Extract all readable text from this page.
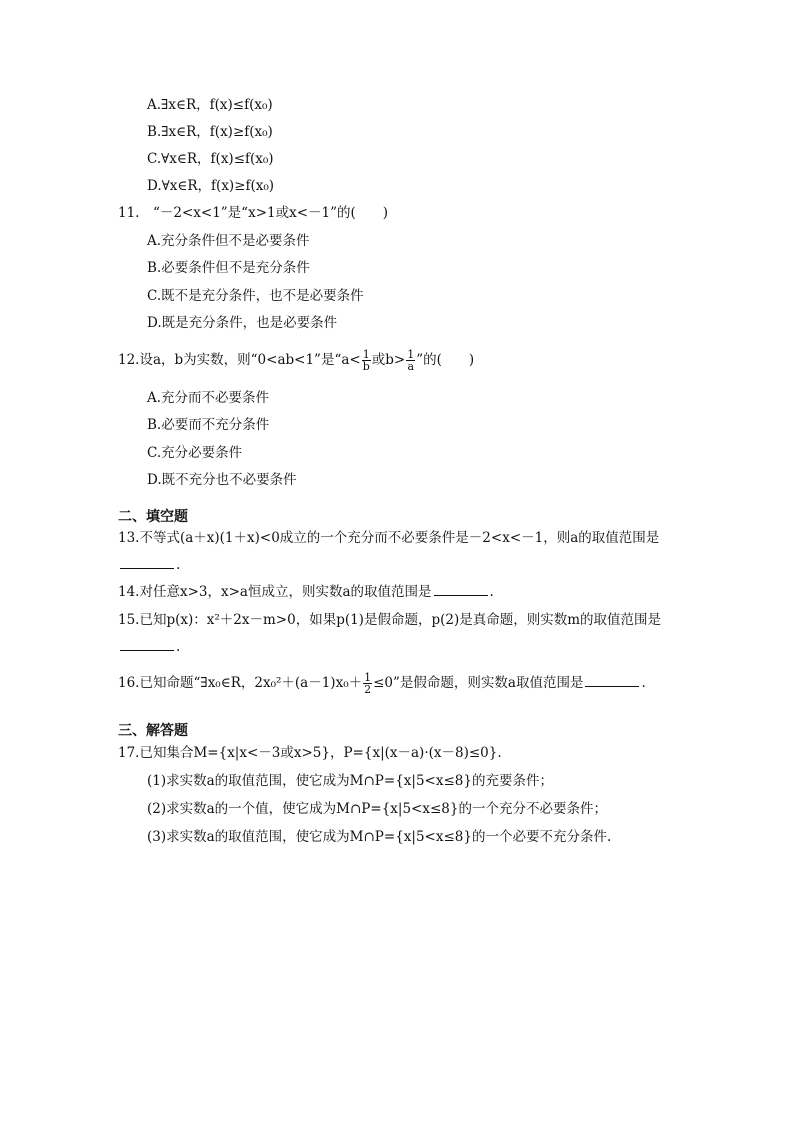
A.∃x∈R，f(x)≤f(x₀)
B.∃x∈R，f(x)≥f(x₀)
C.∀x∈R，f(x)≤f(x₀)
D.∀x∈R，f(x)≥f(x₀)
11.　“－2<x<1”是“x>1或x<－1”的(　　)
A.充分条件但不是必要条件
B.必要条件但不是充分条件
C.既不是充分条件，也不是必要条件
D.既是充分条件，也是必要条件
12.设a，b为实数，则“0<ab<1”是“$a< \frac{1}{b}$ 或$b> \frac{1}{a}$ ”的(　　)
A.充分而不必要条件
B.必要而不充分条件
C.充分必要条件
D.既不充分也不必要条件
二、填空题
13.不等式(a＋x)(1＋x)<0成立的一个充分而不必要条件是－2<x<－1，则a的取值范围是
.
14.对任意x>3，x>a恒成立，则实数a的取值范围是	.
15.已知p(x)：x²＋2x－m>0，如果p(1)是假命题，p(2)是真命题，则实数m的取值范围是
.
16.已知命题“∃x₀∈R，$2x_0^2+(a-1)x_0+ \frac{1}{2} \le 0$”是假命题，则实数a取值范围是	.
三、解答题
17.已知集合M={x|x<－3或x>5}，P={x|(x－a)·(x－8)≤0}.
(1)求实数a的取值范围，使它成为M∩P={x|5<x≤8}的充要条件；
(2)求实数a的一个值，使它成为M∩P={x|5<x≤8}的一个充分不必要条件；
(3)求实数a的取值范围，使它成为M∩P={x|5<x≤8}的一个必要不充分条件.
